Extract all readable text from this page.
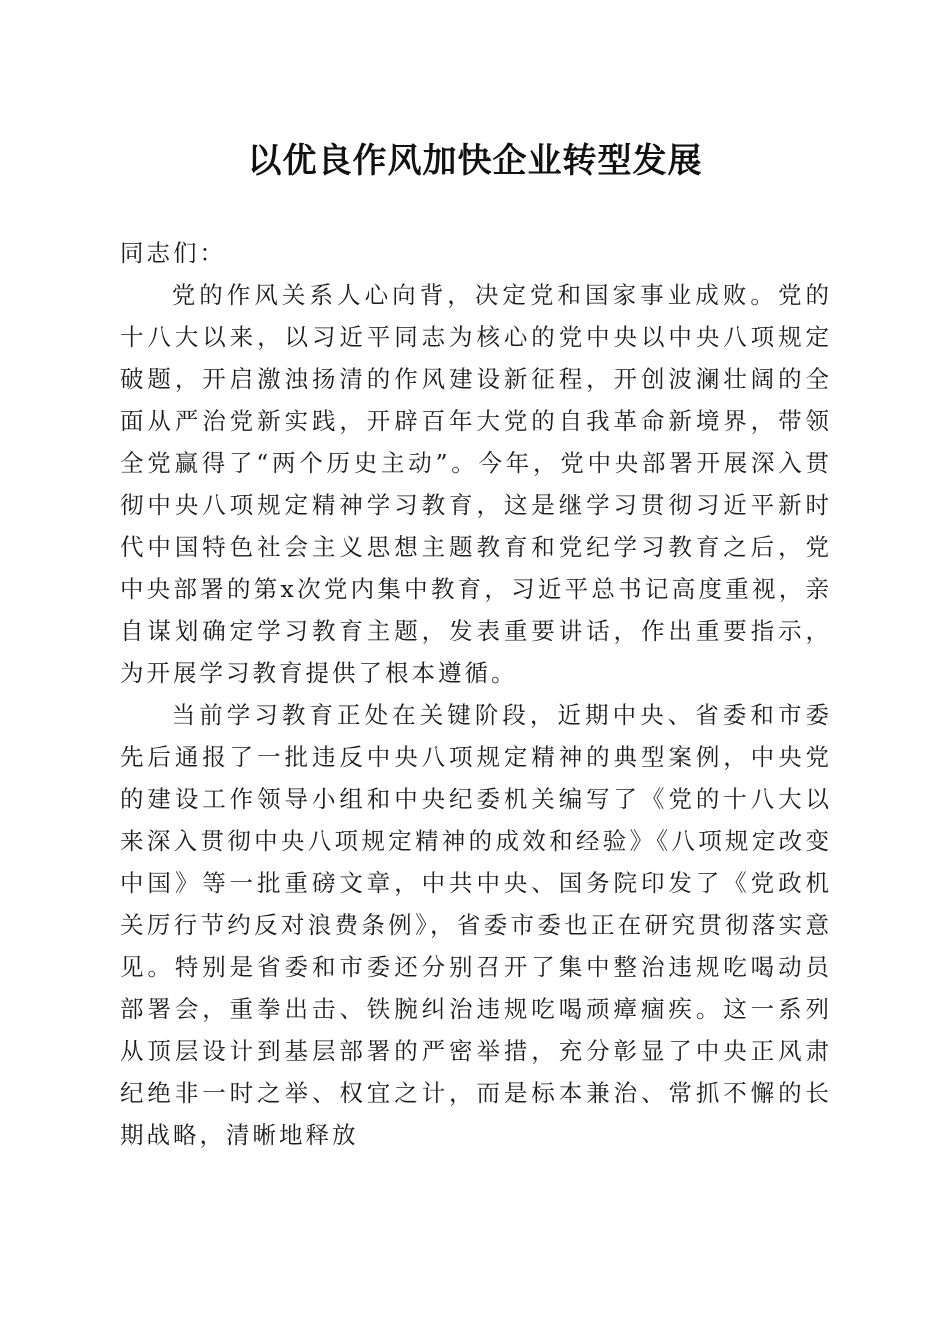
以优良作风加快企业转型发展

同志们：

党的作风关系人心向背，决定党和国家事业成败。党的十八大以来，以习近平同志为核心的党中央以中央八项规定破题，开启激浊扬清的作风建设新征程，开创波澜壮阔的全面从严治党新实践，开辟百年大党的自我革命新境界，带领全党赢得了“两个历史主动”。今年，党中央部署开展深入贯彻中央八项规定精神学习教育，这是继学习贯彻习近平新时代中国特色社会主义思想主题教育和党纪学习教育之后，党中央部署的第x次党内集中教育，习近平总书记高度重视，亲自谋划确定学习教育主题，发表重要讲话，作出重要指示，为开展学习教育提供了根本遵循。

当前学习教育正处在关键阶段，近期中央、省委和市委先后通报了一批违反中央八项规定精神的典型案例，中央党的建设工作领导小组和中央纪委机关编写了《党的十八大以来深入贯彻中央八项规定精神的成效和经验》《八项规定改变中国》等一批重磅文章，中共中央、国务院印发了《党政机关厉行节约反对浪费条例》，省委市委也正在研究贯彻落实意见。特别是省委和市委还分别召开了集中整治违规吃喝动员部署会，重拳出击、铁腕纠治违规吃喝顽瘴痼疾。这一系列从顶层设计到基层部署的严密举措，充分彰显了中央正风肃纪绝非一时之举、权宜之计，而是标本兼治、常抓不懈的长期战略，清晰地释放
